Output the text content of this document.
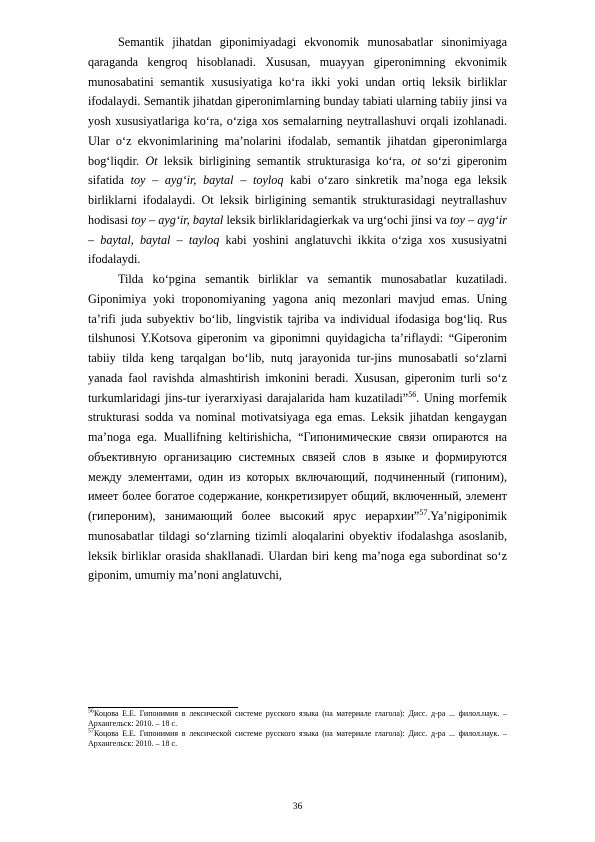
Semantik jihatdan giponimiyadagi ekvonomik munosabatlar sinonimiyaga qaraganda kengroq hisoblanadi. Xususan, muayyan giperonimning ekvonimik munosabatini semantik xususiyatiga ko‘ra ikki yoki undan ortiq leksik birliklar ifodalaydi. Semantik jihatdan giperonimlarning bunday tabiati ularning tabiiy jinsi va yosh xususiyatlariga ko‘ra, o‘ziga xos semalarning neytrallashuvi orqali izohlanadi. Ular o‘z ekvonimlarining ma’nolarini ifodalab, semantik jihatdan giperonimlarga bog‘liqdir. Ot leksik birligining semantik strukturasiga ko‘ra, ot so‘zi giperonim sifatida toy – ayg‘ir, baytal – toyloq kabi o‘zaro sinkretik ma’noga ega leksik birliklarni ifodalaydi. Ot leksik birligining semantik strukturasidagi neytrallashuv hodisasi toy – ayg‘ir, baytal leksik birliklaridagierkak va urg‘ochi jinsi va toy – ayg‘ir – baytal, baytal – tayloq kabi yoshini anglatuvchi ikkita o‘ziga xos xususiyatni ifodalaydi.

Tilda ko‘pgina semantik birliklar va semantik munosabatlar kuzatiladi. Giponimiya yoki troponomiyaning yagona aniq mezonlari mavjud emas. Uning ta’rifi juda subyektiv bo‘lib, lingvistik tajriba va individual ifodasiga bog‘liq. Rus tilshunosi Y.Kotsova giperonim va giponimni quyidagicha ta’riflaydi: “Giperonim tabiiy tilda keng tarqalgan bo‘lib, nutq jarayonida tur-jins munosabatli so‘zlarni yanada faol ravishda almashtirish imkonini beradi. Xususan, giperonim turli so‘z turkumlaridagi jins-tur iyerarxiyasi darajalarida ham kuzatiladi”$^{56}$. Uning morfemik strukturasi sodda va nominal motivatsiyaga ega emas. Leksik jihatdan kengaygan ma’noga ega. Muallifning keltirishicha, “Гипонимические связи опираются на объективную организацию системных связей слов в языке и формируются между элементами, один из которых включающий, подчиненный (гипоним), имеет более богатое содержание, конкретизирует общий, включенный, элемент (гипероним), занимающий более высокий ярус иерархии”$^{57}$.Ya’nigiponimik munosabatlar tildagi so‘zlarning tizimli aloqalarini obyektiv ifodalashga asoslanib, leksik birliklar orasida shakllanadi. Ulardan biri keng ma’noga ega subordinat so‘z giponim, umumiy ma’noni anglatuvchi,

$^{56}$Коцова Е.Е. Гипонимия в лексической системе русского языка (на материале глагола): Дисс. д-ра ... филол.наук. – Архангельск: 2010. – 18 с.

$^{57}$Коцова Е.Е. Гипонимия в лексической системе русского языка (на материале глагола): Дисс. д-ра ... филол.наук. – Архангельск: 2010. – 18 с.

36
